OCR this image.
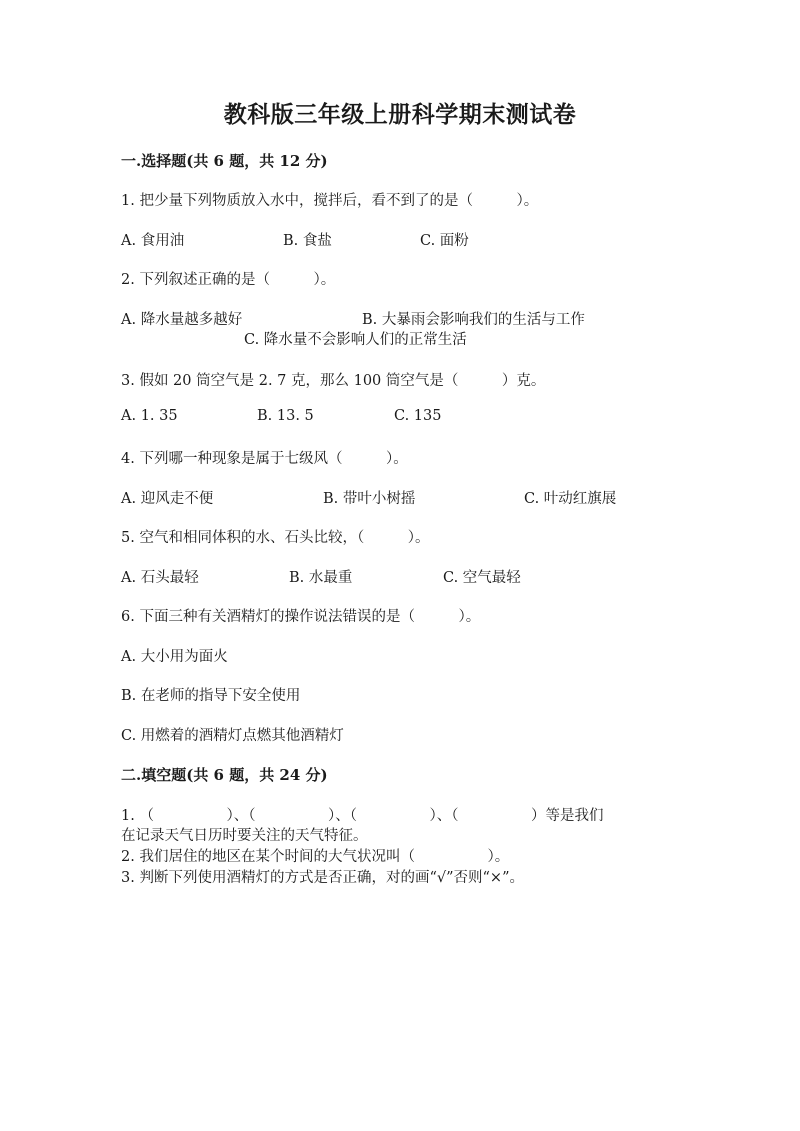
教科版三年级上册科学期末测试卷
一.选择题(共 6 题，共 12 分)
1. 把少量下列物质放入水中，搅拌后，看不到了的是（　　　）。
A. 食用油	B. 食盐	C. 面粉
2. 下列叙述正确的是（　　　）。
A. 降水量越多越好	B. 大暴雨会影响我们的生活与工作
C. 降水量不会影响人们的正常生活
3. 假如 20 筒空气是 2. 7 克，那么 100 筒空气是（　　　）克。
A. 1. 35	B. 13. 5	C. 135
4. 下列哪一种现象是属于七级风（　　　）。
A. 迎风走不便	B. 带叶小树摇	C. 叶动红旗展
5. 空气和相同体积的水、石头比较，（　　　）。
A. 石头最轻	B. 水最重	C. 空气最轻
6. 下面三种有关酒精灯的操作说法错误的是（　　　）。
A. 大小用为面火
B. 在老师的指导下安全使用
C. 用燃着的酒精灯点燃其他酒精灯
二.填空题(共 6 题，共 24 分)
1. （　　　　　）、（　　　　　）、（　　　　　）、（　　　　　）等是我们
在记录天气日历时要关注的天气特征。
2. 我们居住的地区在某个时间的大气状况叫（　　　　　）。
3. 判断下列使用酒精灯的方式是否正确，对的画“√”否则“×”。
